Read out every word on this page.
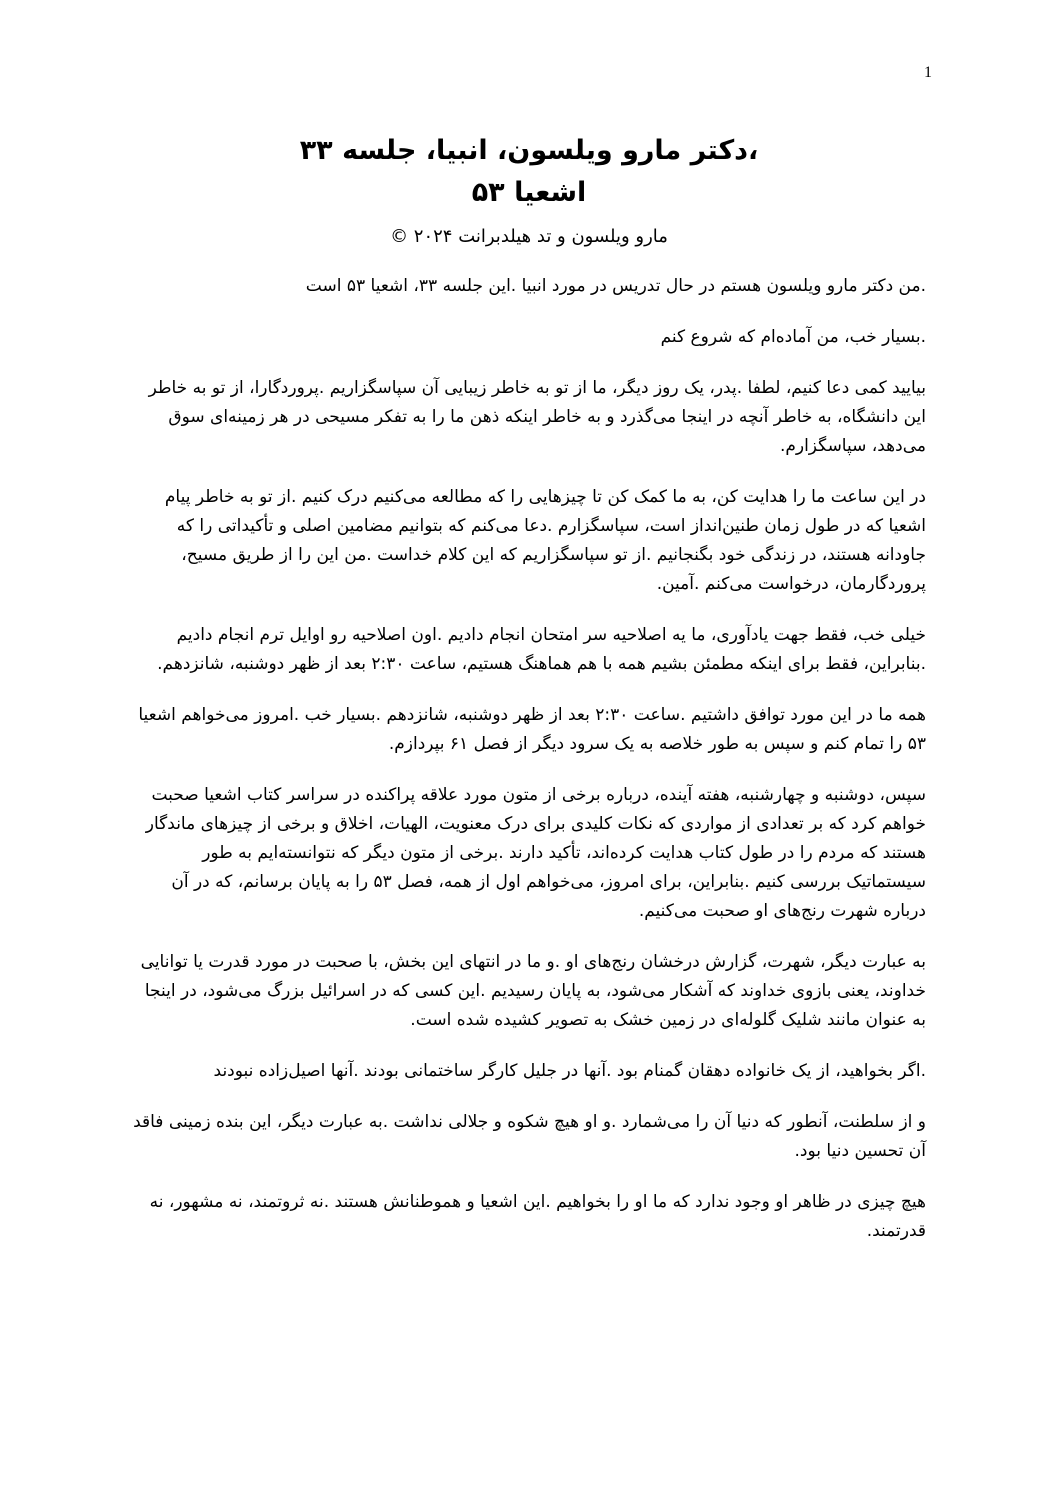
1
،دکتر مارو ویلسون، انبیا، جلسه ۳۳
اشعیا ۵۳
مارو ویلسون و تد هیلدبرانت ۲۰۲۴ ©

.من دکتر مارو ویلسون هستم در حال تدریس در مورد انبیا .این جلسه ۳۳، اشعیا ۵۳ است

.بسیار خب، من آماده‌ام که شروع کنم

بیایید کمی دعا کنیم، لطفا .پدر، یک روز دیگر، ما از تو به خاطر زیبایی آن سپاسگزاریم .پروردگارا، از تو به خاطر این دانشگاه، به خاطر آنچه در اینجا می‌گذرد و به خاطر اینکه ذهن ما را به تفکر مسیحی در هر زمینه‌ای سوق می‌دهد، سپاسگزارم.

در این ساعت ما را هدایت کن، به ما کمک کن تا چیزهایی را که مطالعه می‌کنیم درک کنیم .از تو به خاطر پیام اشعیا که در طول زمان طنین‌انداز است، سپاسگزارم .دعا می‌کنم که بتوانیم مضامین اصلی و تأکیداتی را که جاودانه هستند، در زندگی خود بگنجانیم .از تو سپاسگزاریم که این کلام خداست .من این را از طریق مسیح، پروردگارمان، درخواست می‌کنم .آمین.

خیلی خب، فقط جهت یادآوری، ما یه اصلاحیه سر امتحان انجام دادیم .اون اصلاحیه رو اوایل ترم انجام دادیم .بنابراین، فقط برای اینکه مطمئن بشیم همه با هم هماهنگ هستیم، ساعت ۲:۳۰ بعد از ظهر دوشنبه، شانزدهم.

همه ما در این مورد توافق داشتیم .ساعت ۲:۳۰ بعد از ظهر دوشنبه، شانزدهم .بسیار خب .امروز می‌خواهم اشعیا ۵۳ را تمام کنم و سپس به طور خلاصه به یک سرود دیگر از فصل ۶۱ بپردازم.

سپس، دوشنبه و چهارشنبه، هفته آینده، درباره برخی از متون مورد علاقه پراکنده در سراسر کتاب اشعیا صحبت خواهم کرد که بر تعدادی از مواردی که نکات کلیدی برای درک معنویت، الهیات، اخلاق و برخی از چیزهای ماندگار هستند که مردم را در طول کتاب هدایت کرده‌اند، تأکید دارند .برخی از متون دیگر که نتوانسته‌ایم به طور سیستماتیک بررسی کنیم .بنابراین، برای امروز، می‌خواهم اول از همه، فصل ۵۳ را به پایان برسانم، که در آن درباره شهرت رنج‌های او صحبت می‌کنیم.

به عبارت دیگر، شهرت، گزارش درخشان رنج‌های او .و ما در انتهای این بخش، با صحبت در مورد قدرت یا توانایی خداوند، یعنی بازوی خداوند که آشکار می‌شود، به پایان رسیدیم .این کسی که در اسرائیل بزرگ می‌شود، در اینجا به عنوان مانند شلیک گلوله‌ای در زمین خشک به تصویر کشیده شده است.

.اگر بخواهید، از یک خانواده دهقان گمنام بود .آنها در جلیل کارگر ساختمانی بودند .آنها اصیل‌زاده نبودند

و از سلطنت، آنطور که دنیا آن را می‌شمارد .و او هیچ شکوه و جلالی نداشت .به عبارت دیگر، این بنده زمینی فاقد آن تحسین دنیا بود.

هیچ چیزی در ظاهر او وجود ندارد که ما او را بخواهیم .این اشعیا و هموطنانش هستند .نه ثروتمند، نه مشهور، نه قدرتمند.
